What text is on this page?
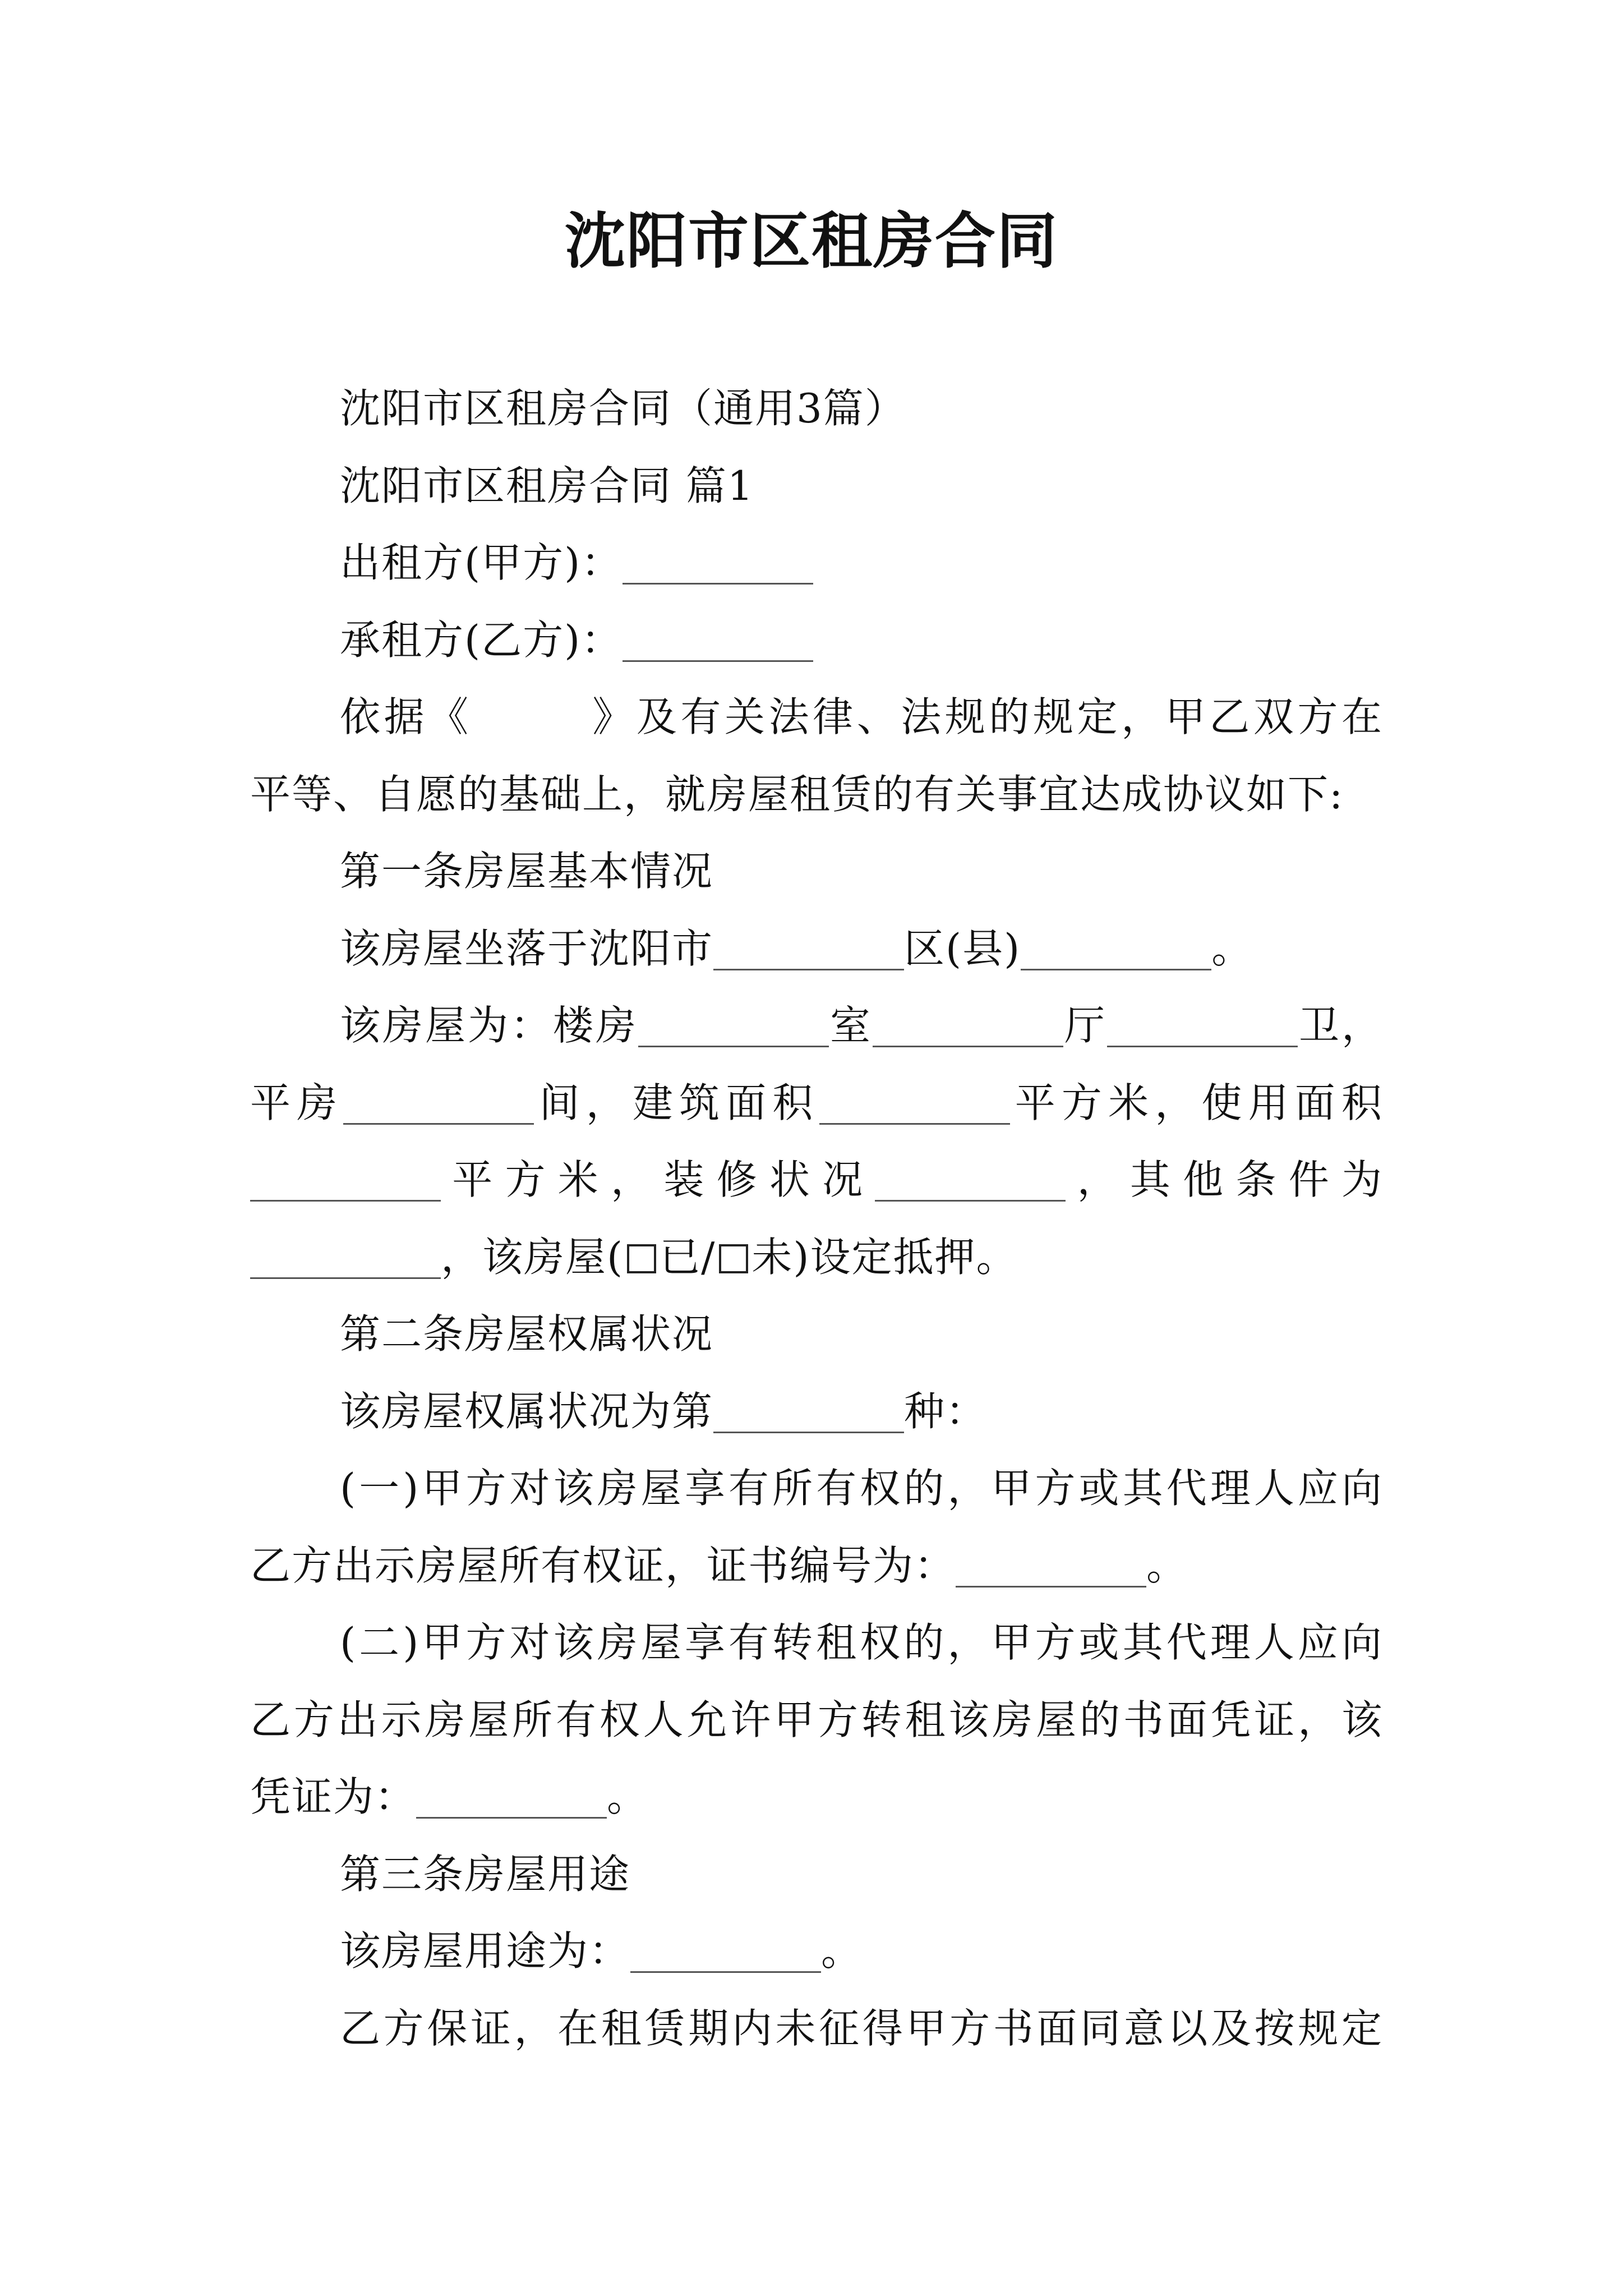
沈阳市区租房合同
沈阳市区租房合同（通用3篇）
沈阳市区租房合同 篇1
出租方(甲方)：
承租方(乙方)：
依据《	》及有关法律、法规的规定，甲乙双方在
平等、自愿的基础上，就房屋租赁的有关事宜达成协议如下:
第一条房屋基本情况
该房屋坐落于沈阳市	区(县)	。
该房屋为：楼房	室	厅	卫，
平房	间，建筑面积	平方米，使用面积
平方米，装修状况	，其他条件为
，该房屋( 已/ 未)设定抵押。
第二条房屋权属状况
该房屋权属状况为第	种：
(一)甲方对该房屋享有所有权的，甲方或其代理人应向
乙方出示房屋所有权证，证书编号为：	。
(二)甲方对该房屋享有转租权的，甲方或其代理人应向
乙方出示房屋所有权人允许甲方转租该房屋的书面凭证，该
凭证为：	。
第三条房屋用途
该房屋用途为：	。
乙方保证，在租赁期内未征得甲方书面同意以及按规定
